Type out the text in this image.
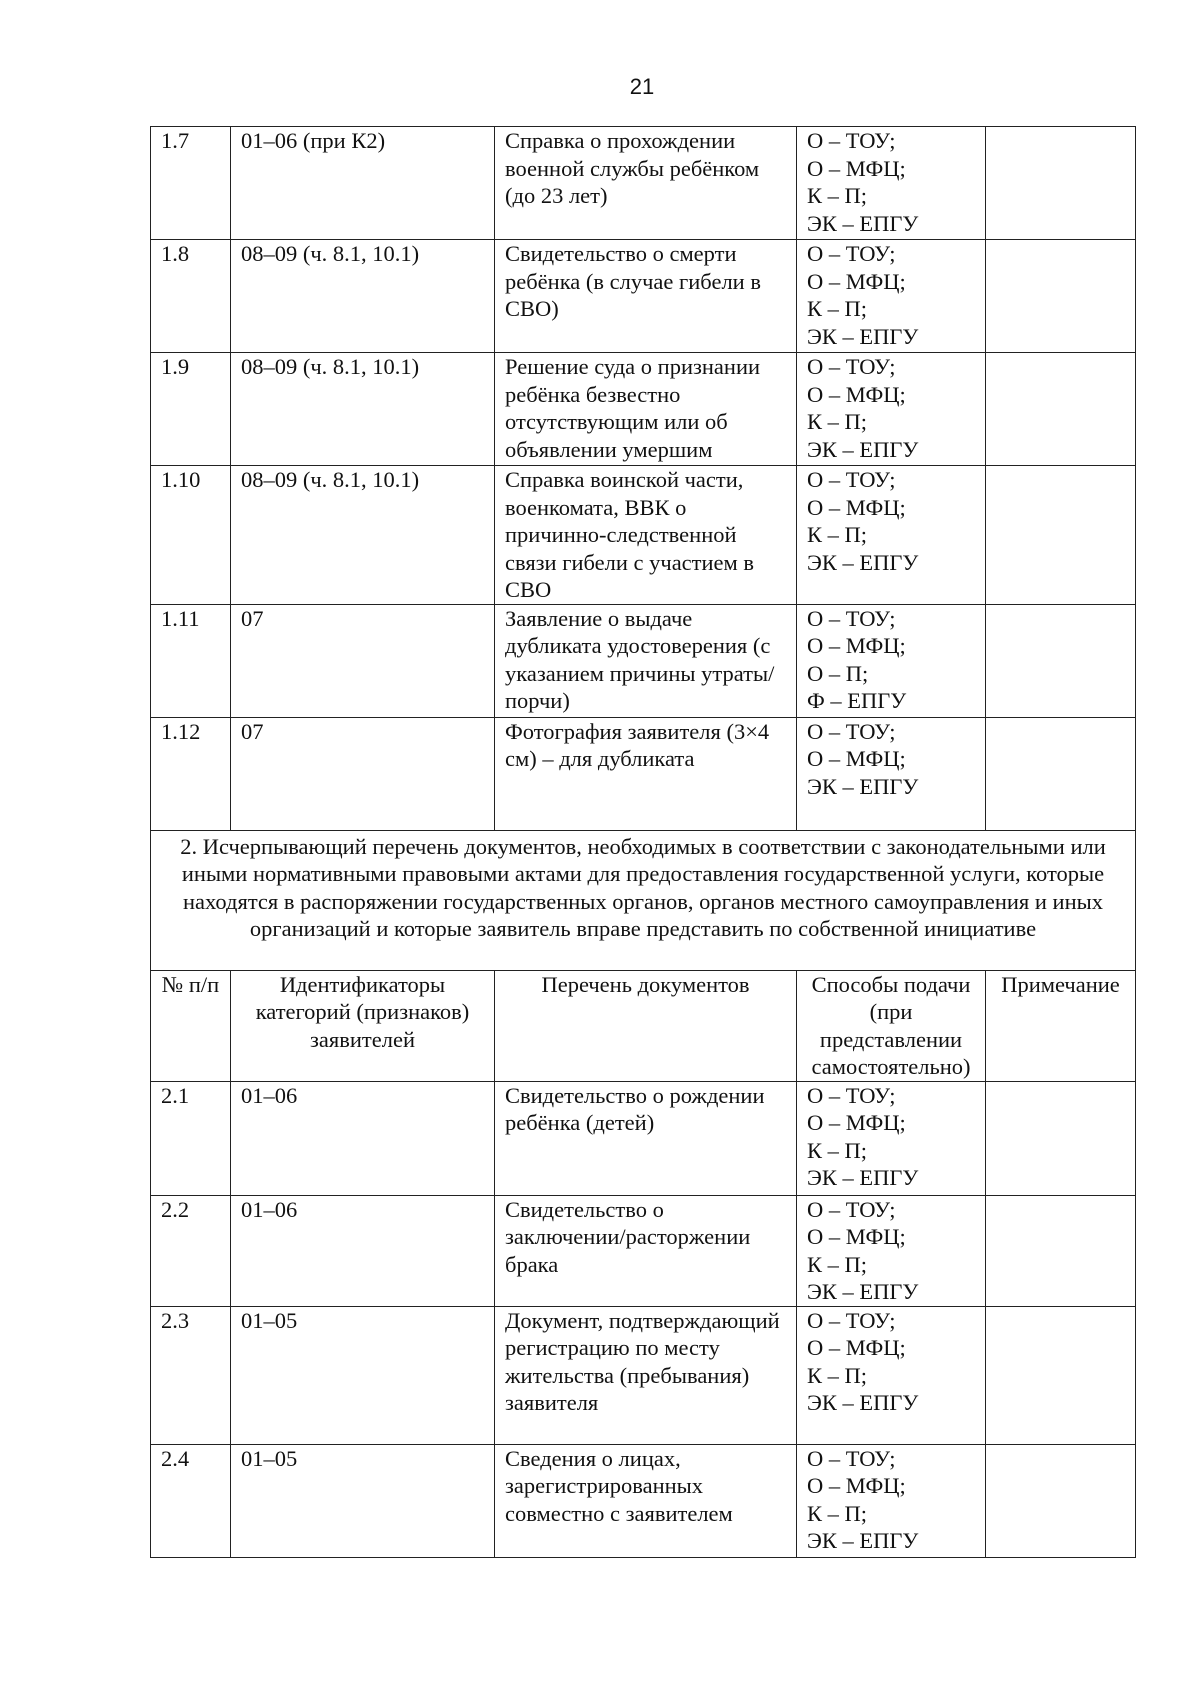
21
1.7	01–06 (при К2)	Справка о прохождении военной службы ребёнком (до 23 лет)	О – ТОУ;
О – МФЦ;
К – П;
ЭК – ЕПГУ	

1.8	08–09 (ч. 8.1, 10.1)	Свидетельство о смерти ребёнка (в случае гибели в СВО)	О – ТОУ;
О – МФЦ;
К – П;
ЭК – ЕПГУ	

1.9	08–09 (ч. 8.1, 10.1)	Решение суда о признании ребёнка безвестно отсутствующим или об объявлении умершим	О – ТОУ;
О – МФЦ;
К – П;
ЭК – ЕПГУ	

1.10	08–09 (ч. 8.1, 10.1)	Справка воинской части, военкомата, ВВК о причинно-следственной связи гибели с участием в СВО	О – ТОУ;
О – МФЦ;
К – П;
ЭК – ЕПГУ	

1.11	07	Заявление о выдаче дубликата удостоверения (с указанием причины утраты/порчи)	О – ТОУ;
О – МФЦ;
О – П;
Ф – ЕПГУ	

1.12	07	Фотография заявителя (3×4 см) – для дубликата	О – ТОУ;
О – МФЦ;
ЭК – ЕПГУ	

2. Исчерпывающий перечень документов, необходимых в соответствии с законодательными или иными нормативными правовыми актами для предоставления государственной услуги, которые находятся в распоряжении государственных органов, органов местного самоуправления и иных организаций и которые заявитель вправе представить по собственной инициативе				
№ п/п	Идентификаторы категорий (признаков) заявителей	Перечень документов	Способы подачи (при представлении самостоятельно)	Примечание
2.1	01–06	Свидетельство о рождении ребёнка (детей)	О – ТОУ;
О – МФЦ;
К – П;
ЭК – ЕПГУ	

2.2	01–06	Свидетельство о заключении/расторжении брака	О – ТОУ;
О – МФЦ;
К – П;
ЭК – ЕПГУ	

2.3	01–05	Документ, подтверждающий регистрацию по месту жительства (пребывания) заявителя	О – ТОУ;
О – МФЦ;
К – П;
ЭК – ЕПГУ	

2.4	01–05	Сведения о лицах, зарегистрированных совместно с заявителем	О – ТОУ;
О – МФЦ;
К – П;
ЭК – ЕПГУ	
